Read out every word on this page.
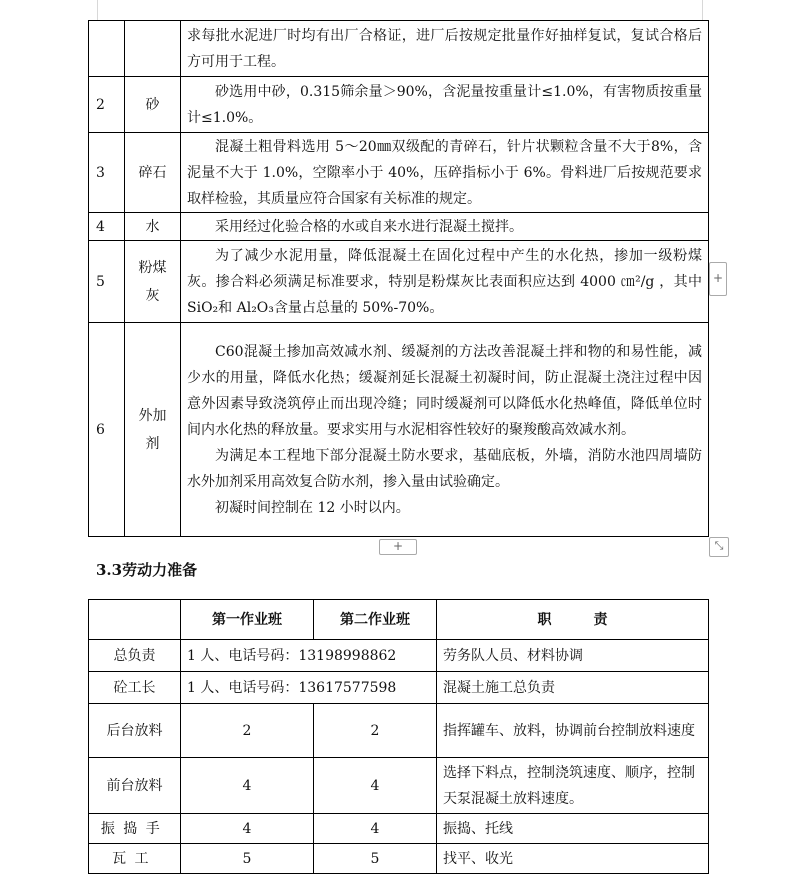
		求每批水泥进厂时均有出厂合格证，进厂后按规定批量作好抽样复试，复试合格后方可用于工程。

2	砂	砂选用中砂，0.315筛余量＞90%，含泥量按重量计≤1.0%，有害物质按重量计≤1.0%。

3	碎石	混凝土粗骨料选用 5～20㎜双级配的青碎石，针片状颗粒含量不大于8%，含泥量不大于 1.0%，空隙率小于 40%，压碎指标小于 6%。骨料进厂后按规范要求取样检验，其质量应符合国家有关标准的规定。

4	水	采用经过化验合格的水或自来水进行混凝土搅拌。

5	粉煤灰	为了减少水泥用量，降低混凝土在固化过程中产生的水化热，掺加一级粉煤灰。掺合料必须满足标准要求，特别是粉煤灰比表面积应达到 4000 ㎝²/g ，其中 SiO₂和 Al₂O₃含量占总量的 50%-70%。

6	外加剂	C60混凝土掺加高效减水剂、缓凝剂的方法改善混凝土拌和物的和易性能，减少水的用量，降低水化热；缓凝剂延长混凝土初凝时间，防止混凝土浇注过程中因意外因素导致浇筑停止而出现冷缝；同时缓凝剂可以降低水化热峰值，降低单位时间内水化热的释放量。要求实用与水泥相容性较好的聚羧酸高效减水剂。

为满足本工程地下部分混凝土防水要求，基础底板，外墙，消防水池四周墙防水外加剂采用高效复合防水剂，掺入量由试验确定。

初凝时间控制在 12 小时以内。

+
+	⤡
3.3劳动力准备
	第一作业班	第二作业班	职　　　责
总负责	1 人、电话号码：13198998862		劳务队人员、材料协调
砼工长	1 人、电话号码：13617577598		混凝土施工总负责
后台放料	2	2	指挥罐车、放料，协调前台控制放料速度
前台放料	4	4	选择下料点，控制浇筑速度、顺序，控制天泵混凝土放料速度。
振捣手	4	4	振捣、托线
瓦工	5	5	找平、收光
